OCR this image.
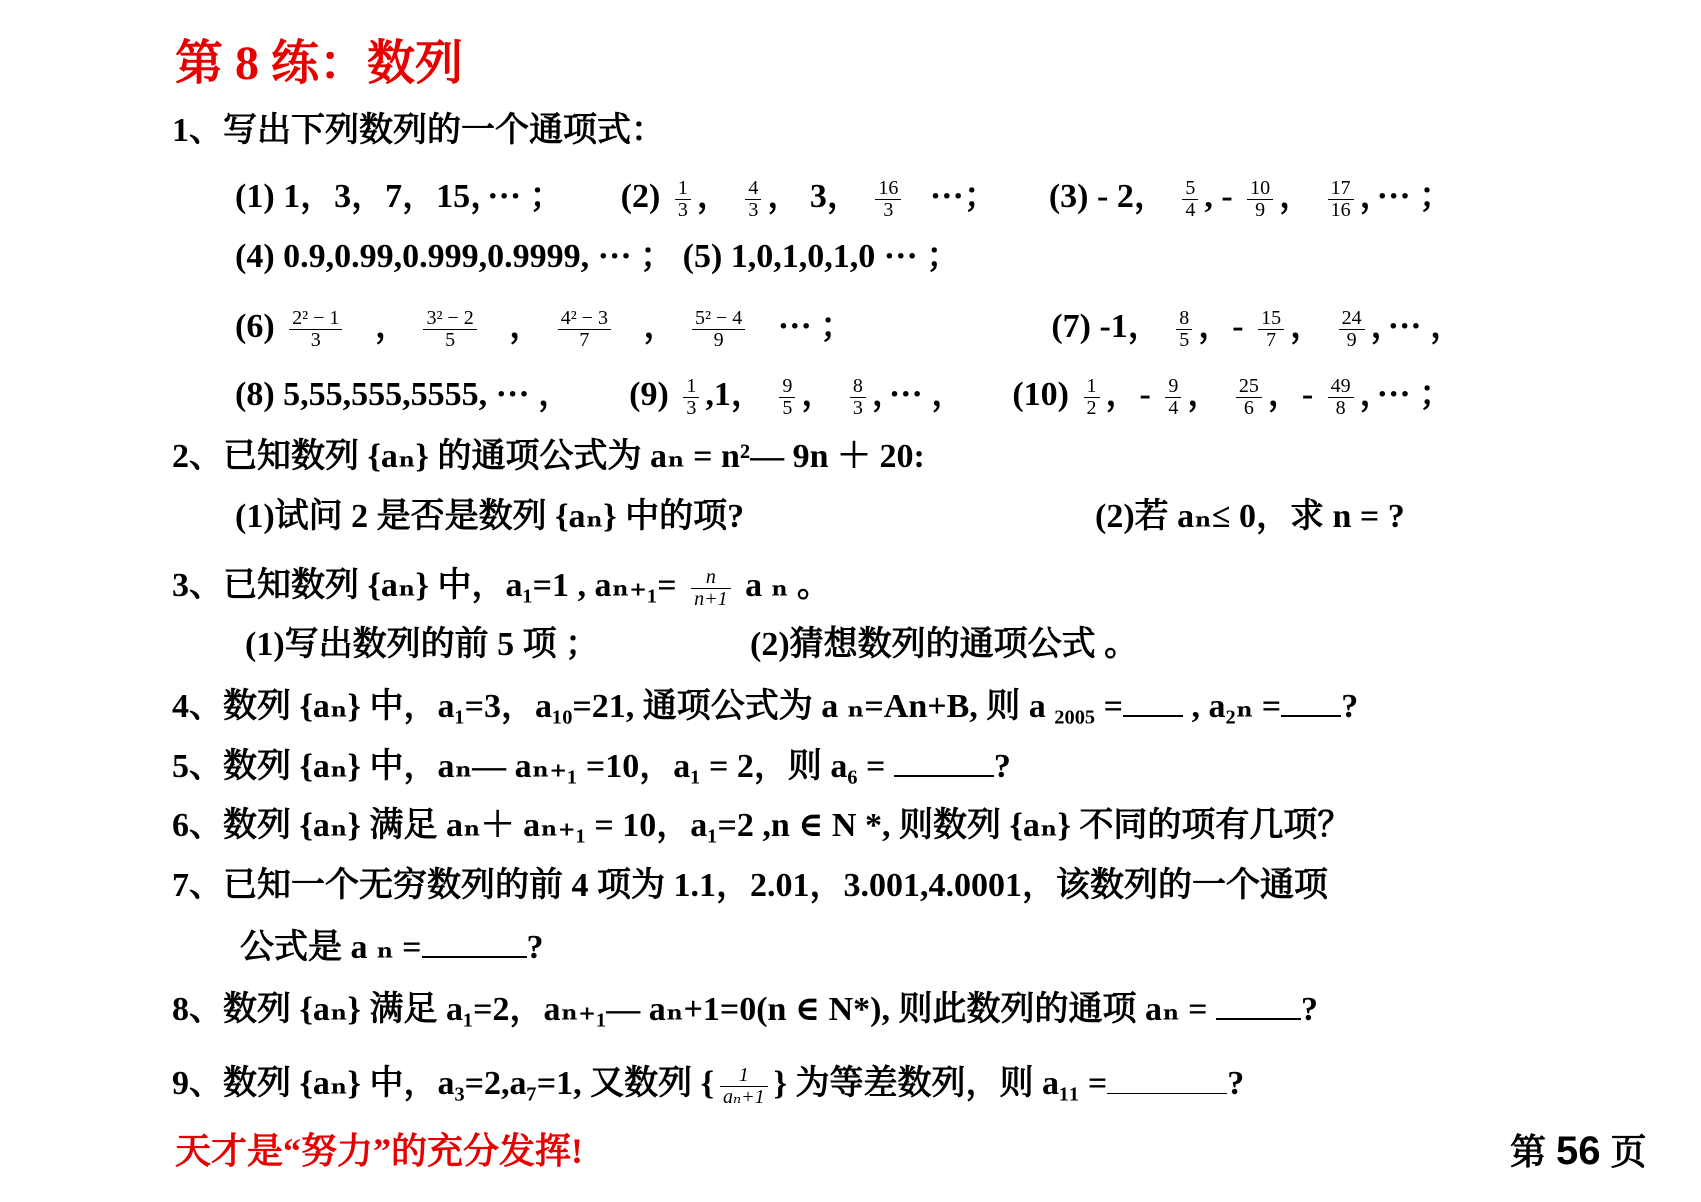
第 8 练：数列
1、写出下列数列的一个通项式：
(1) 1，3，7，15，··· ； $(2) \frac{1}{3}$ ， $\frac{4}{3}$ ， 3， $\frac{16}{3}$ ···； (3) - 2， $\frac{5}{4}$ , - $\frac{10}{9}$ ， $\frac{17}{16}$ ，··· ；
(4) 0.9,0.99,0.999,0.9999, ··· ； (5) 1,0,1,0,1,0 ··· ；
$(6) \frac{\text{2² − 1}}{3}$ ， $\frac{\text{3² − 2}}{5}$ ， $\frac{\text{4² − 3}}{7}$ ， $\frac{\text{5² − 4}}{9}$ ··· ；	(7) -1， $\frac{8}{5}$ ，- $\frac{15}{7}$ ， $\frac{24}{9}$ ，··· ，
(8) 5,55,555,5555, ··· ， $(9) \frac{1}{3} ,1$， $\frac{9}{5}$ ， $\frac{8}{3}$ ，··· ， $(10) \frac{1}{2}$ ，- $\frac{9}{4}$ ， $\frac{25}{6}$ ，- $\frac{49}{8}$ ，··· ；
2、已知数列 {aₙ} 的通项公式为 aₙ = n²— 9n ＋ 20:
(1)试问 2 是否是数列 {aₙ} 中的项?	(2)若 aₙ≤ 0，求 n = ?
3、已知数列 {aₙ} 中，a₁=1 , $a_{n+1}= \frac{n}{n+1}$ a ₙ 。
(1)写出数列的前 5 项 ；	(2)猜想数列的通项公式 。
4、数列 {aₙ} 中，a₁=3，a₁₀=21, 通项公式为 a ₙ=An+B, 则 a ₂₀₀₅ = , a₂ₙ = ?
5、数列 {aₙ} 中，aₙ— aₙ₊₁ =10，a₁ = 2，则 a₆ =	?
6、数列 {aₙ} 满足 aₙ＋ aₙ₊₁ = 10，a₁=2 ,n ∈ N *, 则数列 {aₙ} 不同的项有几项？
7、已知一个无穷数列的前 4 项为 1.1，2.01，3.001,4.0001，该数列的一个通项
公式是 a ₙ =	?
8、数列 {aₙ} 满足 a₁=2，aₙ₊₁— aₙ+1=0(n ∈ N*), 则此数列的通项 aₙ =	?
9、数列 {aₙ} 中，a₃=2,a₇=1, 又数列 { $\frac{1}{\text{aₙ+1}}$ } 为等差数列，则 a₁₁ =	?
天才是“努力”的充分发挥!	第 56 页
